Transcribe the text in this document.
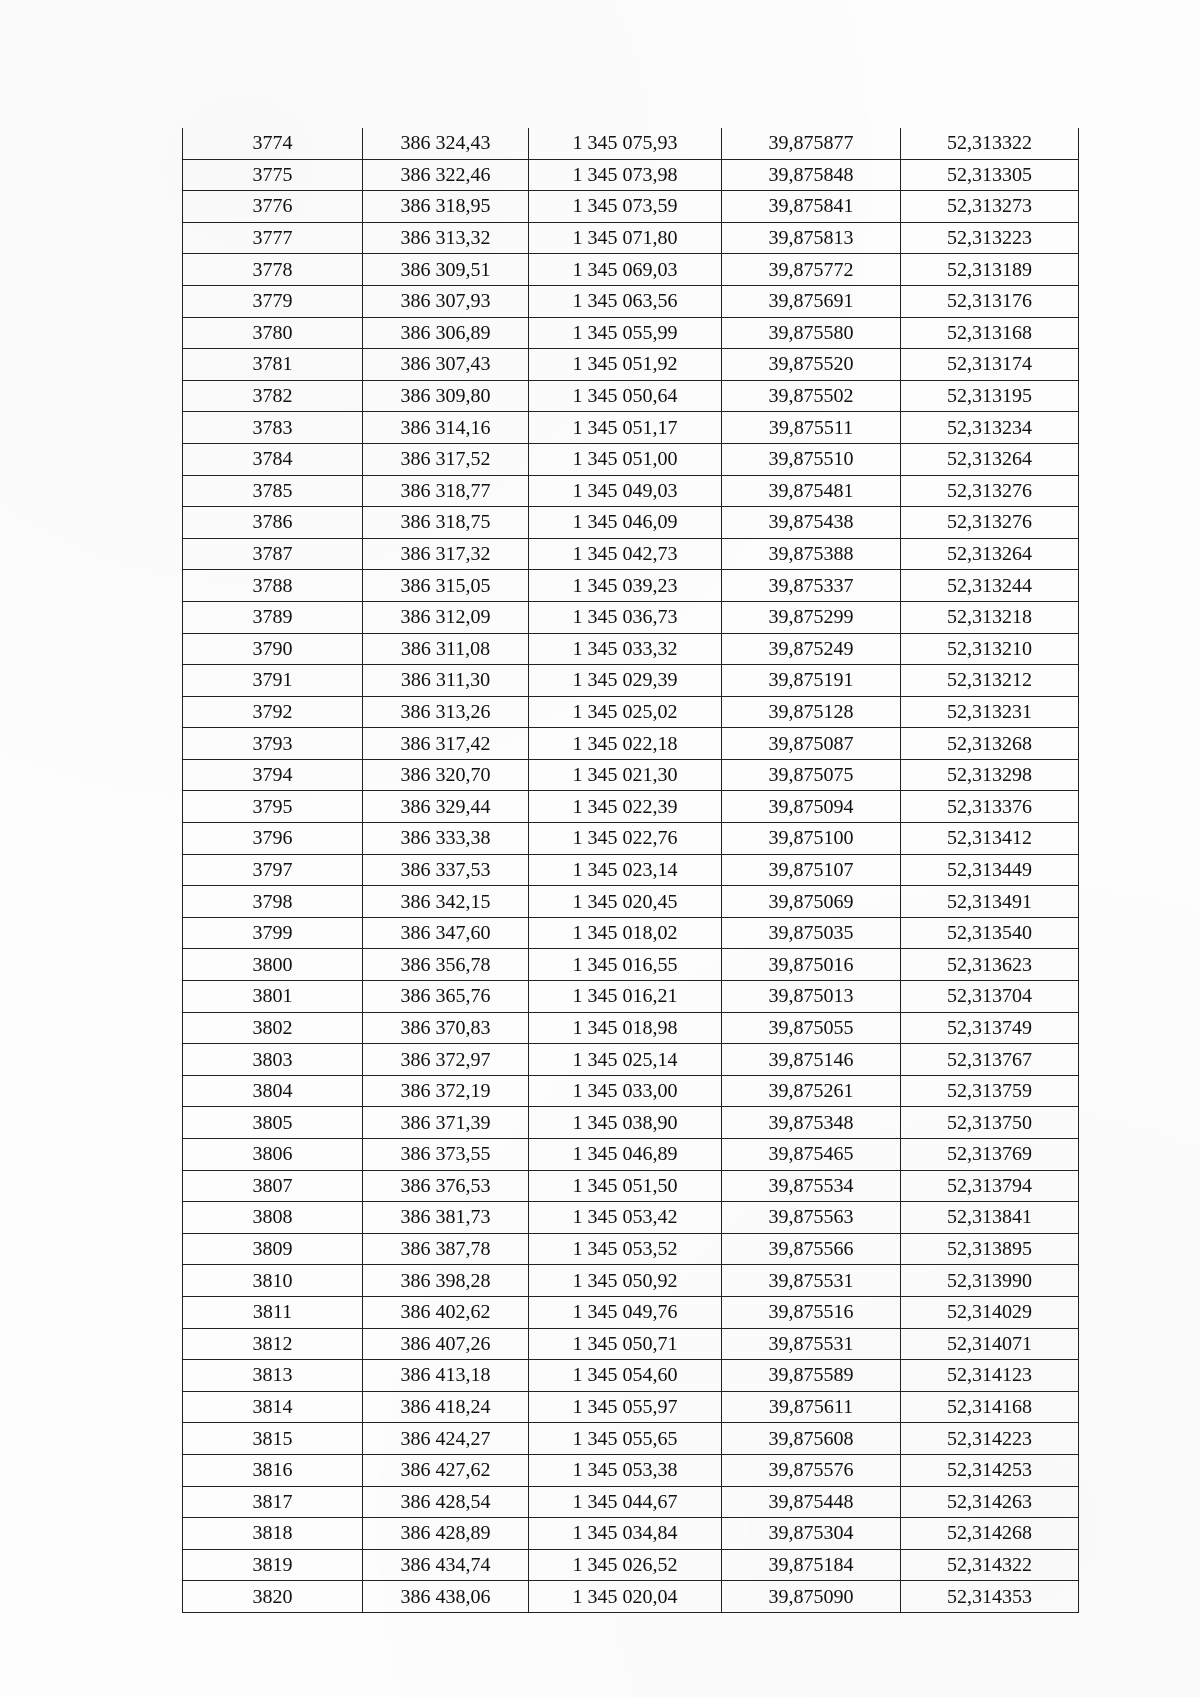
3774	386 324,43	1 345 075,93	39,875877	52,313322
3775	386 322,46	1 345 073,98	39,875848	52,313305
3776	386 318,95	1 345 073,59	39,875841	52,313273
3777	386 313,32	1 345 071,80	39,875813	52,313223
3778	386 309,51	1 345 069,03	39,875772	52,313189
3779	386 307,93	1 345 063,56	39,875691	52,313176
3780	386 306,89	1 345 055,99	39,875580	52,313168
3781	386 307,43	1 345 051,92	39,875520	52,313174
3782	386 309,80	1 345 050,64	39,875502	52,313195
3783	386 314,16	1 345 051,17	39,875511	52,313234
3784	386 317,52	1 345 051,00	39,875510	52,313264
3785	386 318,77	1 345 049,03	39,875481	52,313276
3786	386 318,75	1 345 046,09	39,875438	52,313276
3787	386 317,32	1 345 042,73	39,875388	52,313264
3788	386 315,05	1 345 039,23	39,875337	52,313244
3789	386 312,09	1 345 036,73	39,875299	52,313218
3790	386 311,08	1 345 033,32	39,875249	52,313210
3791	386 311,30	1 345 029,39	39,875191	52,313212
3792	386 313,26	1 345 025,02	39,875128	52,313231
3793	386 317,42	1 345 022,18	39,875087	52,313268
3794	386 320,70	1 345 021,30	39,875075	52,313298
3795	386 329,44	1 345 022,39	39,875094	52,313376
3796	386 333,38	1 345 022,76	39,875100	52,313412
3797	386 337,53	1 345 023,14	39,875107	52,313449
3798	386 342,15	1 345 020,45	39,875069	52,313491
3799	386 347,60	1 345 018,02	39,875035	52,313540
3800	386 356,78	1 345 016,55	39,875016	52,313623
3801	386 365,76	1 345 016,21	39,875013	52,313704
3802	386 370,83	1 345 018,98	39,875055	52,313749
3803	386 372,97	1 345 025,14	39,875146	52,313767
3804	386 372,19	1 345 033,00	39,875261	52,313759
3805	386 371,39	1 345 038,90	39,875348	52,313750
3806	386 373,55	1 345 046,89	39,875465	52,313769
3807	386 376,53	1 345 051,50	39,875534	52,313794
3808	386 381,73	1 345 053,42	39,875563	52,313841
3809	386 387,78	1 345 053,52	39,875566	52,313895
3810	386 398,28	1 345 050,92	39,875531	52,313990
3811	386 402,62	1 345 049,76	39,875516	52,314029
3812	386 407,26	1 345 050,71	39,875531	52,314071
3813	386 413,18	1 345 054,60	39,875589	52,314123
3814	386 418,24	1 345 055,97	39,875611	52,314168
3815	386 424,27	1 345 055,65	39,875608	52,314223
3816	386 427,62	1 345 053,38	39,875576	52,314253
3817	386 428,54	1 345 044,67	39,875448	52,314263
3818	386 428,89	1 345 034,84	39,875304	52,314268
3819	386 434,74	1 345 026,52	39,875184	52,314322
3820	386 438,06	1 345 020,04	39,875090	52,314353
